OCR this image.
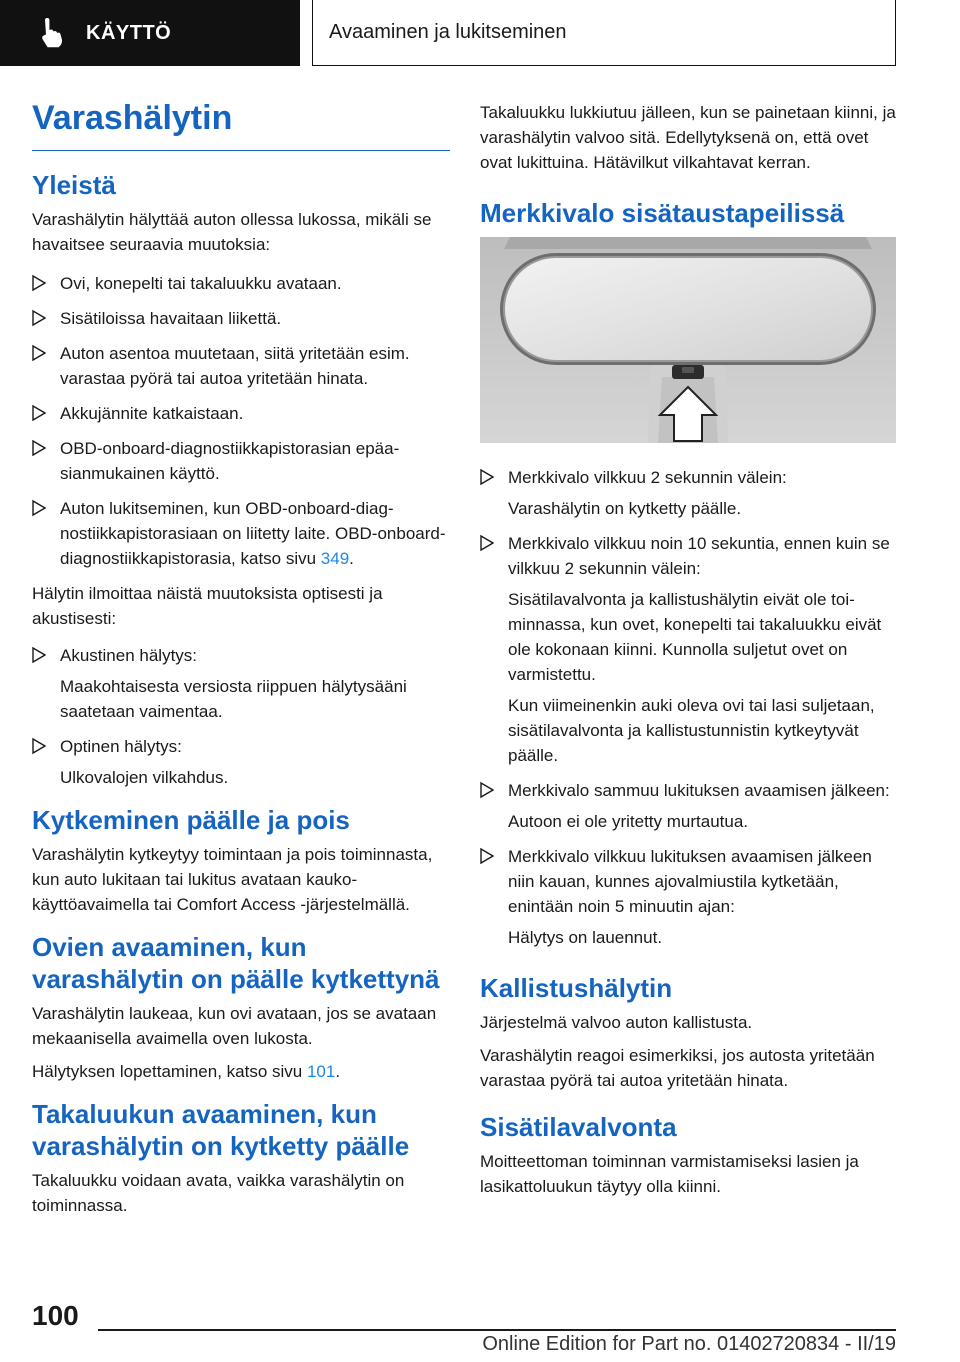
KÄYTTÖ	Avaaminen ja lukitseminen
Varashälytin
Yleistä

Varashälytin hälyttää auton ollessa lukossa, mikäli se havaitsee seuraavia muutoksia:

Ovi, konepelti tai takaluukku avataan.
Sisätiloissa havaitaan liikettä.
Auton asentoa muutetaan, siitä yritetään esim. varastaa pyörä tai autoa yritetään hinata.
Akkujännite katkaistaan.
OBD-onboard-diagnostiikkapistorasian epäasianmukainen käyttö.
Auton lukitseminen, kun OBD-onboard-diagnostiikkapistorasiaan on liitetty laite. OBD-onboard-diagnostiikkapistorasia, katso sivu 349.

Hälytin ilmoittaa näistä muutoksista optisesti ja akustisesti:

Akustinen hälytys:

Maakohtaisesta versiosta riippuen hälytysääni saatetaan vaimentaa.

Optinen hälytys:

Ulkovalojen vilkahdus.

Kytkeminen päälle ja pois

Varashälytin kytkeytyy toimintaan ja pois toiminnasta, kun auto lukitaan tai lukitus avataan kaukokäyttöavaimella tai Comfort Access -järjestelmällä.

Ovien avaaminen, kun varashälytin on päälle kytkettynä

Varashälytin laukeaa, kun ovi avataan, jos se avataan mekaanisella avaimella oven lukosta.

Hälytyksen lopettaminen, katso sivu 101.

Takaluukun avaaminen, kun varashälytin on kytketty päälle

Takaluukku voidaan avata, vaikka varashälytin on toiminnassa.

Takaluukku lukkiutuu jälleen, kun se painetaan kiinni, ja varashälytin valvoo sitä. Edellytyksenä on, että ovet ovat lukittuina. Hätävilkut vilkahtavat kerran.

Merkkivalo sisätaustapeilissä
Merkkivalo vilkkuu 2 sekunnin välein:

Varashälytin on kytketty päälle.

Merkkivalo vilkkuu noin 10 sekuntia, ennen kuin se vilkkuu 2 sekunnin välein:

Sisätilavalvonta ja kallistushälytin eivät ole toiminnassa, kun ovet, konepelti tai takaluukku eivät ole kokonaan kiinni. Kunnolla suljetut ovet on varmistettu.

Kun viimeinenkin auki oleva ovi tai lasi suljetaan, sisätilavalvonta ja kallistustunnistin kytkeytyvät päälle.

Merkkivalo sammuu lukituksen avaamisen jälkeen:

Autoon ei ole yritetty murtautua.

Merkkivalo vilkkuu lukituksen avaamisen jälkeen niin kauan, kunnes ajovalmiustila kytketään, enintään noin 5 minuutin ajan:

Hälytys on lauennut.

Kallistushälytin

Järjestelmä valvoo auton kallistusta.

Varashälytin reagoi esimerkiksi, jos autosta yritetään varastaa pyörä tai autoa yritetään hinata.

Sisätilavalvonta

Moitteettoman toiminnan varmistamiseksi lasien ja lasikattoluukun täytyy olla kiinni.

100
Online Edition for Part no. 01402720834 - II/19
